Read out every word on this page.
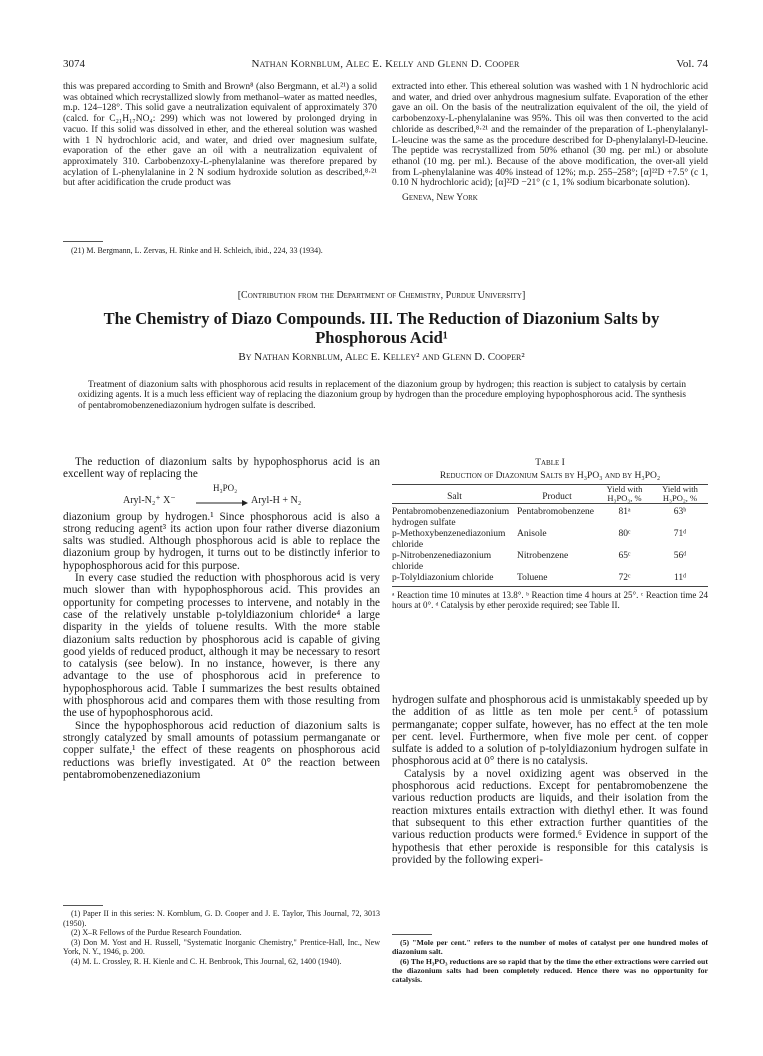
3074	Nathan Kornblum, Alec E. Kelly and Glenn D. Cooper	Vol. 74

this was prepared according to Smith and Brown⁸ (also Bergmann, et al.²¹) a solid was obtained which recrystallized slowly from methanol–water as matted needles, m.p. 124–128°. This solid gave a neutralization equivalent of approximately 370 (calcd. for C₂₁H₁₇NO₄: 299) which was not lowered by prolonged drying in vacuo. If this solid was dissolved in ether, and the ethereal solution was washed with 1 N hydrochloric acid, and water, and dried over magnesium sulfate, evaporation of the ether gave an oil with a neutralization equivalent of approximately 310. Carbobenzoxy-L-phenylalanine was therefore prepared by acylation of L-phenylalanine in 2 N sodium hydroxide solution as described,⁸·²¹ but after acidification the crude product was

(21) M. Bergmann, L. Zervas, H. Rinke and H. Schleich, ibid., 224, 33 (1934).

extracted into ether. This ethereal solution was washed with 1 N hydrochloric acid and water, and dried over anhydrous magnesium sulfate. Evaporation of the ether gave an oil. On the basis of the neutralization equivalent of the oil, the yield of carbobenzoxy-L-phenylalanine was 95%. This oil was then converted to the acid chloride as described,⁸·²¹ and the remainder of the preparation of L-phenylalanyl-L-leucine was the same as the procedure described for D-phenylalanyl-D-leucine. The peptide was recrystallized from 50% ethanol (30 mg. per ml.) or absolute ethanol (10 mg. per ml.). Because of the above modification, the over-all yield from L-phenylalanine was 40% instead of 12%; m.p. 255–258°; [α]²²D +7.5° (c 1, 0.10 N hydrochloric acid); [α]²²D −21° (c 1, 1% sodium bicarbonate solution).

Geneva, New York
[Contribution from the Department of Chemistry, Purdue University]
The Chemistry of Diazo Compounds. III. The Reduction of Diazonium Salts by
Phosphorous Acid¹
By Nathan Kornblum, Alec E. Kelley² and Glenn D. Cooper²

Treatment of diazonium salts with phosphorous acid results in replacement of the diazonium group by hydrogen; this reaction is subject to catalysis by certain oxidizing agents. It is a much less efficient way of replacing the diazonium group by hydrogen than the procedure employing hypophosphorous acid. The synthesis of pentabromobenzenediazonium hydrogen sulfate is described.

The reduction of diazonium salts by hypophosphorus acid is an excellent way of replacing the

Aryl-N₂⁺ X⁻
H₃PO₂
Aryl-H + N₂

diazonium group by hydrogen.¹ Since phosphorous acid is also a strong reducing agent³ its action upon four rather diverse diazonium salts was studied. Although phosphorous acid is able to replace the diazonium group by hydrogen, it turns out to be distinctly inferior to hypophosphorous acid for this purpose.

In every case studied the reduction with phosphorous acid is very much slower than with hypophosphorous acid. This provides an opportunity for competing processes to intervene, and notably in the case of the relatively unstable p-tolyldiazonium chloride⁴ a large disparity in the yields of toluene results. With the more stable diazonium salts reduction by phosphorous acid is capable of giving good yields of reduced product, although it may be necessary to resort to catalysis (see below). In no instance, however, is there any advantage to the use of phosphorous acid in preference to hypophosphorous acid. Table I summarizes the best results obtained with phosphorous acid and compares them with those resulting from the use of hypophosphorous acid.

Since the hypophosphorous acid reduction of diazonium salts is strongly catalyzed by small amounts of potassium permanganate or copper sulfate,¹ the effect of these reagents on phosphorous acid reductions was briefly investigated. At 0° the reaction between pentabromobenzenediazonium

(1) Paper II in this series: N. Kornblum, G. D. Cooper and J. E. Taylor, This Journal, 72, 3013 (1950).

(2) X–R Fellows of the Purdue Research Foundation.

(3) Don M. Yost and H. Russell, "Systematic Inorganic Chemistry," Prentice-Hall, Inc., New York, N. Y., 1946, p. 200.

(4) M. L. Crossley, R. H. Kienle and C. H. Benbrook, This Journal, 62, 1400 (1940).

Table I
Reduction of Diazonium Salts by H₃PO₃ and by H₃PO₂
Salt	Product	Yield with H₃PO₃, %	Yield with H₃PO₂, %

Pentabromobenzenediazonium hydrogen sulfate	Pentabromobenzene	81ᵃ	63ᵇ
p-Methoxybenzenediazonium chloride	Anisole	80ᶜ	71ᵈ
p-Nitrobenzenediazonium chloride	Nitrobenzene	65ᶜ	56ᵈ
p-Tolyldiazonium chloride	Toluene	72ᶜ	11ᵈ
ᵃ Reaction time 10 minutes at 13.8°. ᵇ Reaction time 4 hours at 25°. ᶜ Reaction time 24 hours at 0°. ᵈ Catalysis by ether peroxide required; see Table II.

hydrogen sulfate and phosphorous acid is unmistakably speeded up by the addition of as little as ten mole per cent.⁵ of potassium permanganate; copper sulfate, however, has no effect at the ten mole per cent. level. Furthermore, when five mole per cent. of copper sulfate is added to a solution of p-tolyldiazonium hydrogen sulfate in phosphorous acid at 0° there is no catalysis.

Catalysis by a novel oxidizing agent was observed in the phosphorous acid reductions. Except for pentabromobenzene the various reduction products are liquids, and their isolation from the reaction mixtures entails extraction with diethyl ether. It was found that subsequent to this ether extraction further quantities of the various reduction products were formed.⁶ Evidence in support of the hypothesis that ether peroxide is responsible for this catalysis is provided by the following experi-

(5) "Mole per cent." refers to the number of moles of catalyst per one hundred moles of diazonium salt.

(6) The H₃PO₃ reductions are so rapid that by the time the ether extractions were carried out the diazonium salts had been completely reduced. Hence there was no opportunity for catalysis.
